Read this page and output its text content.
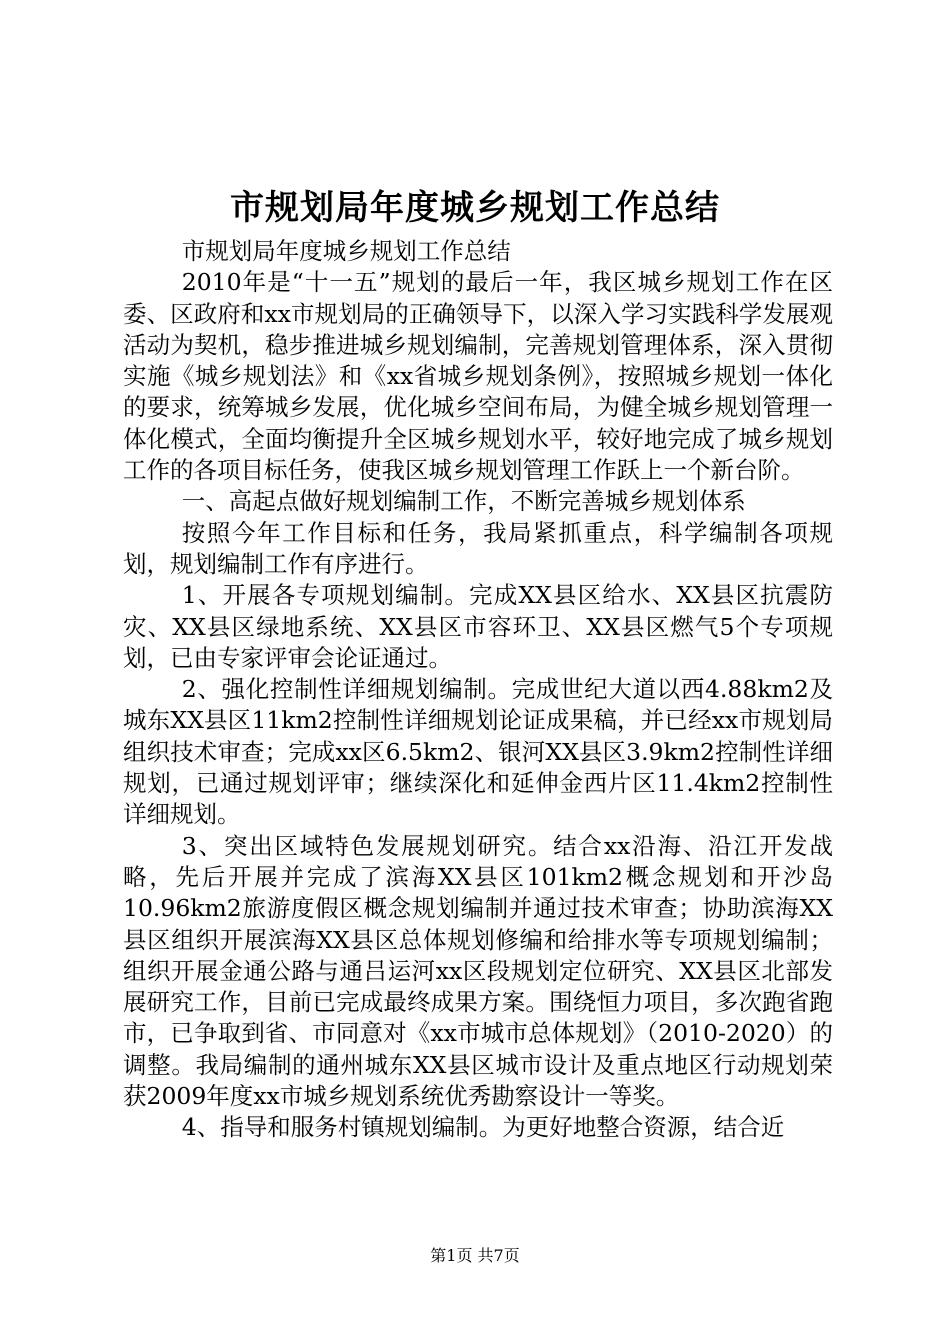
市规划局年度城乡规划工作总结

市规划局年度城乡规划工作总结

2010年是“十一五”规划的最后一年，我区城乡规划工作在区委、区政府和xx市规划局的正确领导下，以深入学习实践科学发展观活动为契机，稳步推进城乡规划编制，完善规划管理体系，深入贯彻实施《城乡规划法》和《xx省城乡规划条例》，按照城乡规划一体化的要求，统筹城乡发展，优化城乡空间布局，为健全城乡规划管理一体化模式，全面均衡提升全区城乡规划水平，较好地完成了城乡规划工作的各项目标任务，使我区城乡规划管理工作跃上一个新台阶。

一、高起点做好规划编制工作，不断完善城乡规划体系

按照今年工作目标和任务，我局紧抓重点，科学编制各项规划，规划编制工作有序进行。

1、开展各专项规划编制。完成XX县区给水、XX县区抗震防灾、XX县区绿地系统、XX县区市容环卫、XX县区燃气5个专项规划，已由专家评审会论证通过。

2、强化控制性详细规划编制。完成世纪大道以西4.88km2及城东XX县区11km2控制性详细规划论证成果稿，并已经xx市规划局组织技术审查；完成xx区6.5km2、银河XX县区3.9km2控制性详细规划，已通过规划评审；继续深化和延伸金西片区11.4km2控制性详细规划。

3、突出区域特色发展规划研究。结合xx沿海、沿江开发战略，先后开展并完成了滨海XX县区101km2概念规划和开沙岛10.96km2旅游度假区概念规划编制并通过技术审查；协助滨海XX县区组织开展滨海XX县区总体规划修编和给排水等专项规划编制；组织开展金通公路与通吕运河xx区段规划定位研究、XX县区北部发展研究工作，目前已完成最终成果方案。围绕恒力项目，多次跑省跑市，已争取到省、市同意对《xx市城市总体规划》（2010-2020）的调整。我局编制的通州城东XX县区城市设计及重点地区行动规划荣获2009年度xx市城乡规划系统优秀勘察设计一等奖。

4、指导和服务村镇规划编制。为更好地整合资源，结合近

第1页 共7页
